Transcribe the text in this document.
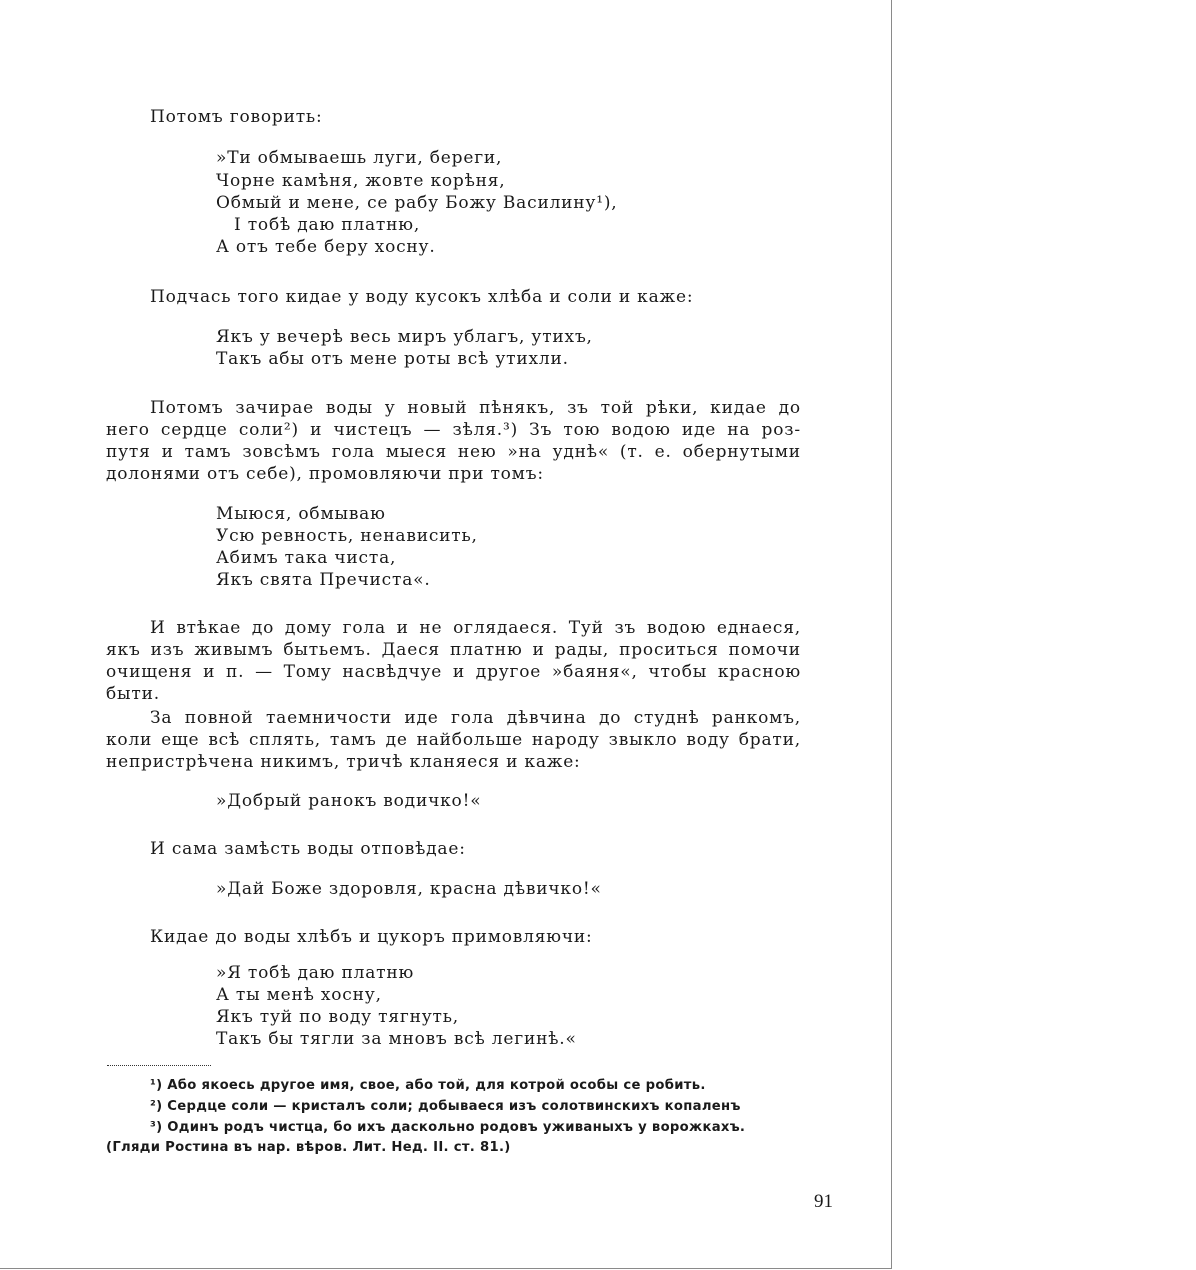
Потомъ говорить:
»Ти обмываешь луги, береги,
Чорне камѣня, жовте корѣня,
Обмый и мене, се рабу Божу Василину¹),
І тобѣ даю платню,
А отъ тебе беру хосну.
Подчась того кидае у воду кусокъ хлѣба и соли и каже:
Якъ у вечерѣ весь миръ ублагъ, утихъ,
Такъ абы отъ мене роты всѣ утихли.
Потомъ зачирае воды у новый пѣнякъ, зъ той рѣки, кидае до
него сердце соли²) и чистецъ — зѣля.³) Зъ тою водою иде на роз-
путя и тамъ зовсѣмъ гола мыеся нею »на уднѣ« (т. е. обернутыми
долонями отъ себе), промовляючи при томъ:
Мыюся, обмываю
Усю ревность, ненависить,
Абимъ така чиста,
Якъ свята Пречиста«.
И втѣкае до дому гола и не оглядаеся. Туй зъ водою еднаеся,
якъ изъ живымъ бытьемъ. Даеся платню и рады, проситься помочи
очищеня и п. — Тому насвѣдчуе и другое »баяня«, чтобы красною
быти.
За повной таемничости иде гола дѣвчина до студнѣ ранкомъ,
коли еще всѣ сплять, тамъ де найбольше народу звыкло воду брати,
непристрѣчена никимъ, тричѣ кланяеся и каже:
»Добрый ранокъ водичко!«
И сама замѣсть воды отповѣдае:
»Дай Боже здоровля, красна дѣвичко!«
Кидае до воды хлѣбъ и цукоръ примовляючи:
»Я тобѣ даю платню
А ты менѣ хосну,
Якъ туй по воду тягнуть,
Такъ бы тягли за мновъ всѣ легинѣ.«
¹) Або якоесь другое имя, свое, або той, для котрой особы се робить.
²) Сердце соли — кристалъ соли; добываеся изъ солотвинскихъ копаленъ
³) Одинъ родъ чистца, бо ихъ даскольно родовъ уживаныхъ у ворожкахъ.
(Гляди Ростина въ нар. вѣров. Лит. Нед. II. ст. 81.)
91
